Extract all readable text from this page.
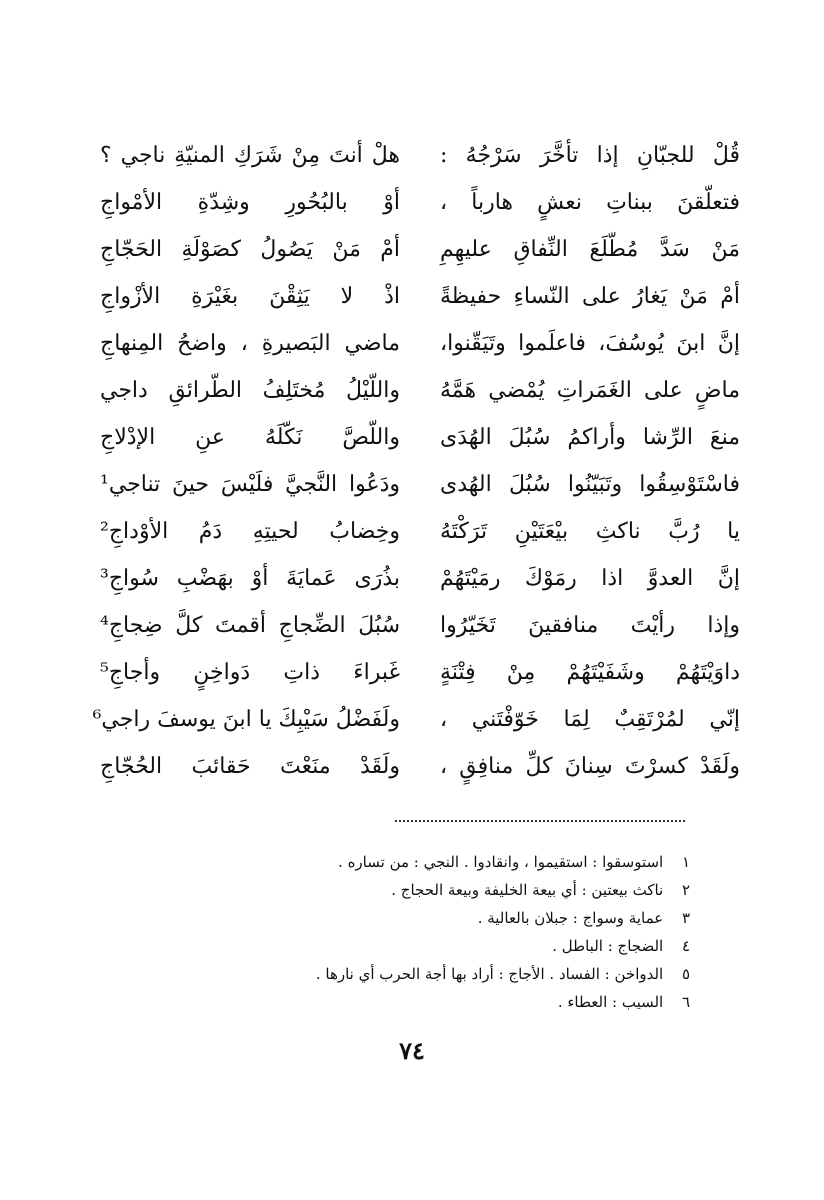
قُلْ للجبّانِ إذا تأخَّرَ سَرْجُهُ :
هلْ أنتَ مِنْ شَرَكِ المنيّةِ ناجي ؟
فتعلّقنَ ببناتِ نعشٍ هارباً ،
أوْ بالبُحُورِ وشِدّةِ الأمْواجِ
مَنْ سَدَّ مُطّلَعَ النِّفاقِ عليهِمِ
أمْ مَنْ يَصُولُ كصَوْلَةِ الحَجّاجِ
أمْ مَنْ يَغارُ على النّساءِ حفيظةً
اذْ لا يَثِقْنَ بغَيْرَةِ الأزْواجِ
إنَّ ابنَ يُوسُفَ، فاعلَموا وتَيَقّنوا،
ماضي البَصيرةِ ، واضحُ المِنهاجِ
ماضٍ على الغَمَراتِ يُمْضي هَمَّهُ
واللّيْلُ مُختَلِفُ الطّرائقِ داجي
منعَ الرِّشا وأراكمُ سُبُلَ الهُدَى
واللّصَّ نَكّلَهُ عنِ الإدْلاجِ
فاسْتَوْسِقُوا وتَبَيّنُوا سُبُلَ الهُدى
ودَعُوا النَّجيَّ فلَيْسَ حينَ تناجي¹
يا رُبَّ ناكثِ بيْعَتَيْنِ تَرَكْتَهُ
وخِضابُ لحيتِهِ دَمُ الأوْداجِ²
إنَّ العدوَّ اذا رمَوْكَ رمَيْتَهُمْ
بذُرَى عَمايَةَ أوْ بهَضْبِ سُواجِ³
وإذا رأيْتَ منافقينَ تَخَيّرُوا
سُبُلَ الضِّجاجِ أقمتَ كلَّ ضِجاجِ⁴
داوَيْتَهُمْ وشَفَيْتَهُمْ مِنْ فِتْنَةٍ
غَبراءَ ذاتِ دَواخِنٍ وأجاجِ⁵
إنّي لمُرْتَقِبٌ لِمَا خَوّفْتَني ،
ولَفَضْلُ سَيْبِكَ يا ابنَ يوسفَ راجي⁶
ولَقَدْ كسرْتَ سِنانَ كلِّ منافِقٍ ،
ولَقَدْ منَعْتَ حَقائبَ الحُجّاجِ
١ استوسقوا : استقيموا ، وانقادوا . النجي : من تساره .
٢ ناكث بيعتين : أي بيعة الخليفة وبيعة الحجاج .
٣ عماية وسواج : جبلان بالعالية .
٤ الضجاج : الباطل .
٥ الدواخن : الفساد . الأجاج : أراد بها أجة الحرب أي نارها .
٦ السيب : العطاء .
٧٤
